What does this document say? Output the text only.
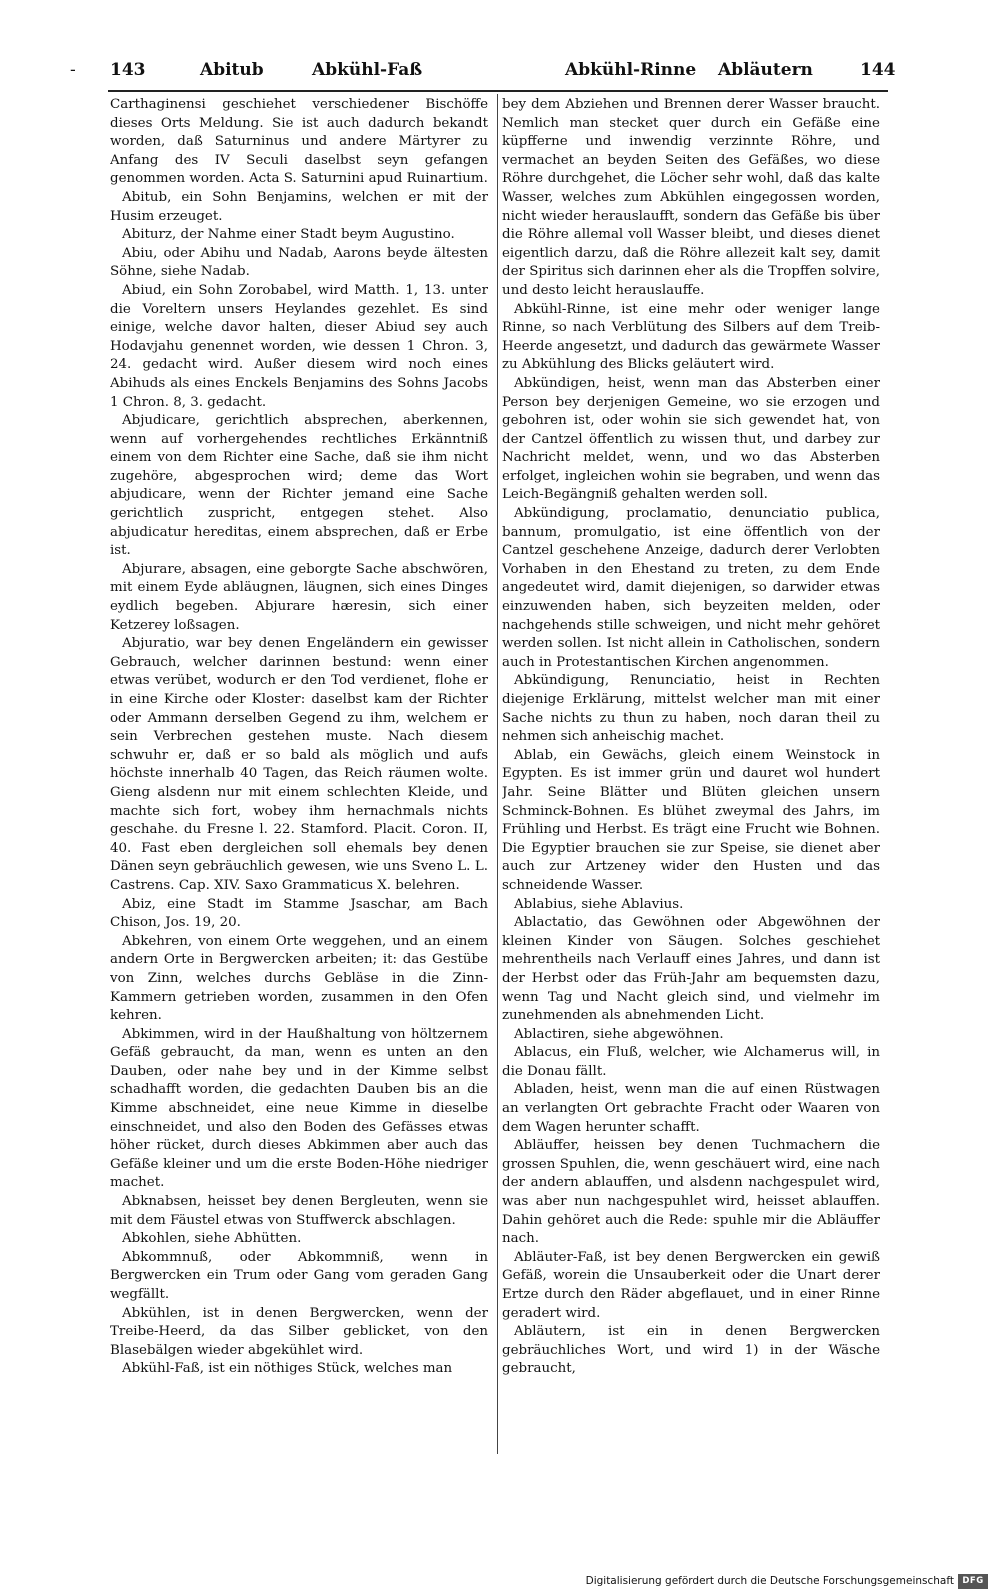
- 143	Abitub	Abkühl-Faß	Abkühl-Rinne Abläutern	144

Carthaginensi geschiehet verschiedener Bischöffe dieses Orts Meldung. Sie ist auch dadurch bekandt worden, daß Saturninus und andere Märtyrer zu Anfang des IV Seculi daselbst seyn gefangen genommen worden. Acta S. Saturnini apud Ruinartium.

Abitub, ein Sohn Benjamins, welchen er mit der Husim erzeuget.

Abiturz, der Nahme einer Stadt beym Augustino.

Abiu, oder Abihu und Nadab, Aarons beyde ältesten Söhne, siehe Nadab.

Abiud, ein Sohn Zorobabel, wird Matth. 1, 13. unter die Voreltern unsers Heylandes gezehlet. Es sind einige, welche davor halten, dieser Abiud sey auch Hodavjahu genennet worden, wie dessen 1 Chron. 3, 24. gedacht wird. Außer diesem wird noch eines Abihuds als eines Enckels Benjamins des Sohns Jacobs 1 Chron. 8, 3. gedacht.

Abjudicare, gerichtlich absprechen, aberkennen, wenn auf vorhergehendes rechtliches Erkänntniß einem von dem Richter eine Sache, daß sie ihm nicht zugehöre, abgesprochen wird; deme das Wort abjudicare, wenn der Richter jemand eine Sache gerichtlich zuspricht, entgegen stehet. Also abjudicatur hereditas, einem absprechen, daß er Erbe ist.

Abjurare, absagen, eine geborgte Sache abschwören, mit einem Eyde abläugnen, läugnen, sich eines Dinges eydlich begeben. Abjurare hæresin, sich einer Ketzerey loßsagen.

Abjuratio, war bey denen Engeländern ein gewisser Gebrauch, welcher darinnen bestund: wenn einer etwas verübet, wodurch er den Tod verdienet, flohe er in eine Kirche oder Kloster: daselbst kam der Richter oder Ammann derselben Gegend zu ihm, welchem er sein Verbrechen gestehen muste. Nach diesem schwuhr er, daß er so bald als möglich und aufs höchste innerhalb 40 Tagen, das Reich räumen wolte. Gieng alsdenn nur mit einem schlechten Kleide, und machte sich fort, wobey ihm hernachmals nichts geschahe. du Fresne l. 22. Stamford. Placit. Coron. II, 40. Fast eben dergleichen soll ehemals bey denen Dänen seyn gebräuchlich gewesen, wie uns Sveno L. L. Castrens. Cap. XIV. Saxo Grammaticus X. belehren.

Abiz, eine Stadt im Stamme Jsaschar, am Bach Chison, Jos. 19, 20.

Abkehren, von einem Orte weggehen, und an einem andern Orte in Bergwercken arbeiten; it: das Gestübe von Zinn, welches durchs Gebläse in die Zinn-Kammern getrieben worden, zusammen in den Ofen kehren.

Abkimmen, wird in der Haußhaltung von höltzernem Gefäß gebraucht, da man, wenn es unten an den Dauben, oder nahe bey und in der Kimme selbst schadhafft worden, die gedachten Dauben bis an die Kimme abschneidet, eine neue Kimme in dieselbe einschneidet, und also den Boden des Gefässes etwas höher rücket, durch dieses Abkimmen aber auch das Gefäße kleiner und um die erste Boden-Höhe niedriger machet.

Abknabsen, heisset bey denen Bergleuten, wenn sie mit dem Fäustel etwas von Stuffwerck abschlagen.

Abkohlen, siehe Abhütten.

Abkommnuß, oder Abkommniß, wenn in Bergwercken ein Trum oder Gang vom geraden Gang wegfällt.

Abkühlen, ist in denen Bergwercken, wenn der Treibe-Heerd, da das Silber geblicket, von den Blasebälgen wieder abgekühlet wird.

Abkühl-Faß, ist ein nöthiges Stück, welches man

bey dem Abziehen und Brennen derer Wasser braucht. Nemlich man stecket quer durch ein Gefäße eine küpfferne und inwendig verzinnte Röhre, und vermachet an beyden Seiten des Gefäßes, wo diese Röhre durchgehet, die Löcher sehr wohl, daß das kalte Wasser, welches zum Abkühlen eingegossen worden, nicht wieder herauslaufft, sondern das Gefäße bis über die Röhre allemal voll Wasser bleibt, und dieses dienet eigentlich darzu, daß die Röhre allezeit kalt sey, damit der Spiritus sich darinnen eher als die Tropffen solvire, und desto leicht herauslauffe.

Abkühl-Rinne, ist eine mehr oder weniger lange Rinne, so nach Verblütung des Silbers auf dem Treib-Heerde angesetzt, und dadurch das gewärmete Wasser zu Abkühlung des Blicks geläutert wird.

Abkündigen, heist, wenn man das Absterben einer Person bey derjenigen Gemeine, wo sie erzogen und gebohren ist, oder wohin sie sich gewendet hat, von der Cantzel öffentlich zu wissen thut, und darbey zur Nachricht meldet, wenn, und wo das Absterben erfolget, ingleichen wohin sie begraben, und wenn das Leich-Begängniß gehalten werden soll.

Abkündigung, proclamatio, denunciatio publica, bannum, promulgatio, ist eine öffentlich von der Cantzel geschehene Anzeige, dadurch derer Verlobten Vorhaben in den Ehestand zu treten, zu dem Ende angedeutet wird, damit diejenigen, so darwider etwas einzuwenden haben, sich beyzeiten melden, oder nachgehends stille schweigen, und nicht mehr gehöret werden sollen. Ist nicht allein in Catholischen, sondern auch in Protestantischen Kirchen angenommen.

Abkündigung, Renunciatio, heist in Rechten diejenige Erklärung, mittelst welcher man mit einer Sache nichts zu thun zu haben, noch daran theil zu nehmen sich anheischig machet.

Ablab, ein Gewächs, gleich einem Weinstock in Egypten. Es ist immer grün und dauret wol hundert Jahr. Seine Blätter und Blüten gleichen unsern Schminck-Bohnen. Es blühet zweymal des Jahrs, im Frühling und Herbst. Es trägt eine Frucht wie Bohnen. Die Egyptier brauchen sie zur Speise, sie dienet aber auch zur Artzeney wider den Husten und das schneidende Wasser.

Ablabius, siehe Ablavius.

Ablactatio, das Gewöhnen oder Abgewöhnen der kleinen Kinder von Säugen. Solches geschiehet mehrentheils nach Verlauff eines Jahres, und dann ist der Herbst oder das Früh-Jahr am bequemsten dazu, wenn Tag und Nacht gleich sind, und vielmehr im zunehmenden als abnehmenden Licht.

Ablactiren, siehe abgewöhnen.

Ablacus, ein Fluß, welcher, wie Alchamerus will, in die Donau fällt.

Abladen, heist, wenn man die auf einen Rüstwagen an verlangten Ort gebrachte Fracht oder Waaren von dem Wagen herunter schafft.

Abläuffer, heissen bey denen Tuchmachern die grossen Spuhlen, die, wenn geschäuert wird, eine nach der andern ablauffen, und alsdenn nachgespulet wird, was aber nun nachgespuhlet wird, heisset ablauffen. Dahin gehöret auch die Rede: spuhle mir die Abläuffer nach.

Abläuter-Faß, ist bey denen Bergwercken ein gewiß Gefäß, worein die Unsauberkeit oder die Unart derer Ertze durch den Räder abgeflauet, und in einer Rinne geradert wird.

Abläutern, ist ein in denen Bergwercken gebräuchliches Wort, und wird 1) in der Wäsche gebraucht,

Digitalisierung gefördert durch die Deutsche Forschungsgemeinschaft DFG
